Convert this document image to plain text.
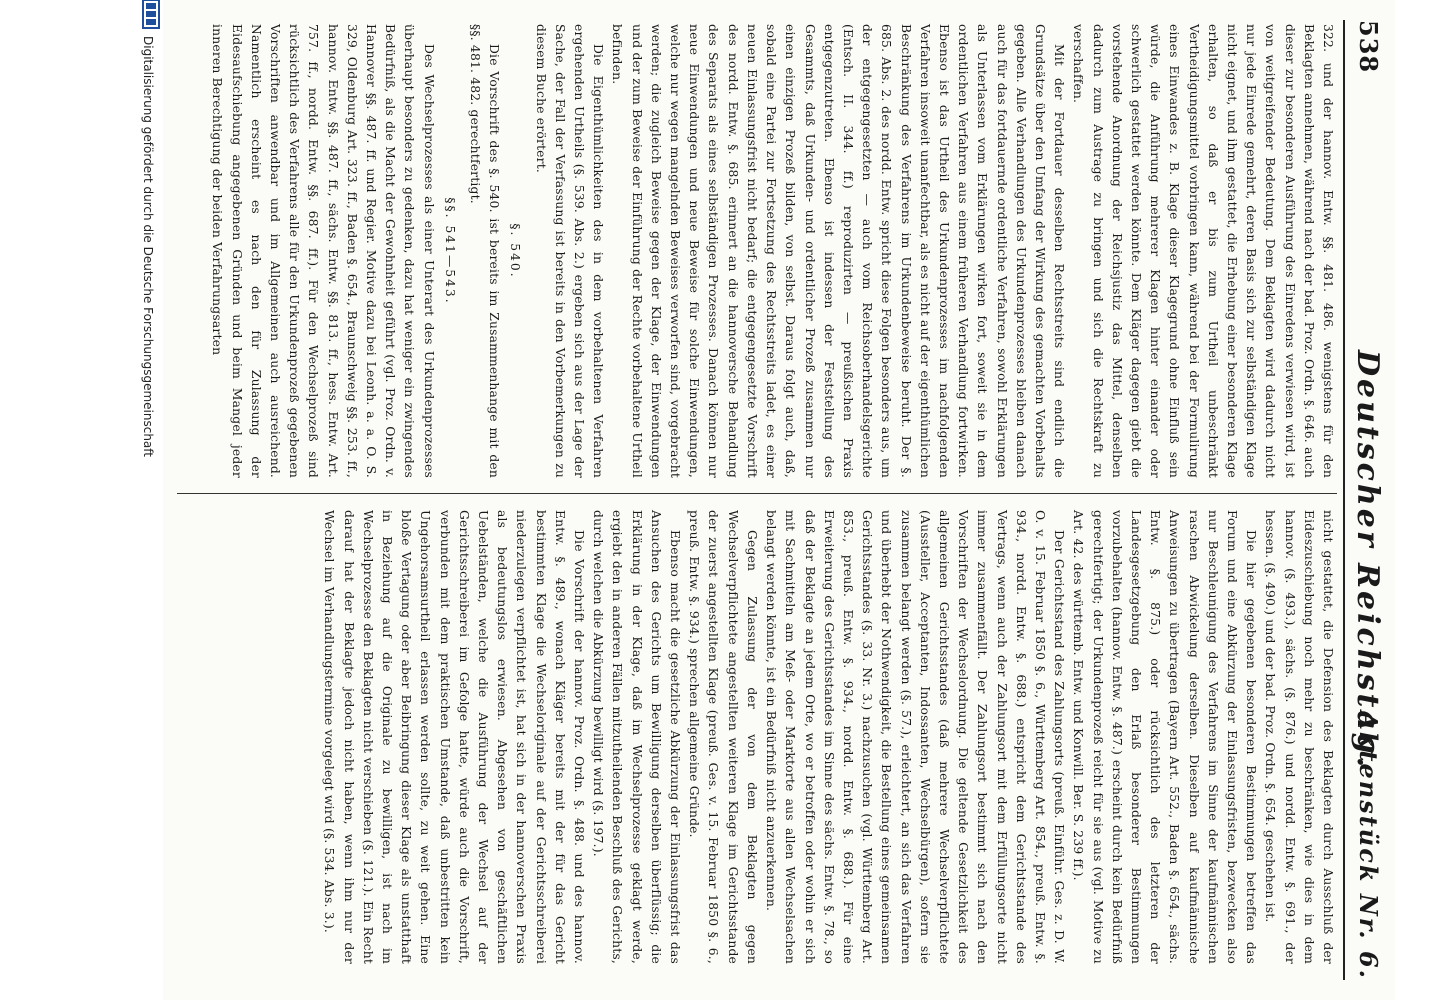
538
Deutscher Reichstag.
Aktenstück Nr. 6.

322. und der hannov. Entw. §§. 481. 486. wenigstens für den Beklagten annehmen, während nach der bad. Proz. Ordn. §. 646. auch dieser zur besonderen Ausführung des Einredens verwiesen wird, ist von weitgreifender Bedeutung. Dem Beklagten wird dadurch nicht nur jede Einrede gemehrt, deren Basis sich zur selbständigen Klage nicht eignet, und ihm gestattet, die Erhebung einer besonderen Klage erhalten, so daß er bis zum Urtheil unbeschränkt Vertheidigungsmittel vorbringen kann, während bei der Formulirung eines Einwandes z. B. Klage dieser Klagegrund ohne Einfluß sein würde, die Anführung mehrerer Klagen hinter einander oder schwerlich gestattet werden könnte. Dem Kläger dagegen giebt die vorstehende Anordnung der Reichsjustiz das Mittel, denselben dadurch zum Austrage zu bringen und sich die Rechtskraft zu verschaffen.

Mit der Fortdauer desselben Rechtsstreits sind endlich die Grundsätze über den Umfang der Wirkung des gemachten Vorbehalts gegeben. Alle Verhandlungen des Urkundenprozesses bleiben danach auch für das fortdauernde ordentliche Verfahren, sowohl Erklärungen als Unterlassen vom Erklärungen wirken fort, soweit sie in dem ordentlichen Verfahren aus einem früheren Verhandlung fortwirken. Ebenso ist das Urtheil des Urkundenprozesses im nachfolgenden Verfahren insoweit unanfechtbar, als es nicht auf der eigenthümlichen Beschränkung des Verfahrens im Urkundenbeweise beruht. Der §. 685. Abs. 2. des nordd. Entw. spricht diese Folgen besonders aus, um der entgegengesetzten — auch vom Reichsoberhandelsgerichte (Entsch. II. 344. ff.) reproduzirten — preußischen Praxis entgegenzutreten. Ebenso ist indessen der Feststellung des Gesammts, daß Urkunden- und ordentlicher Prozeß zusammen nur einen einzigen Prozeß bilden, von selbst. Daraus folgt auch, daß, sobald eine Partei zur Fortsetzung des Rechtsstreits ladet, es einer neuen Einlassungsfrist nicht bedarf; die entgegengesetzte Vorschrift des nordd. Entw. §. 685. erinnert an die hannoversche Behandlung des Separats als eines selbständigen Prozesses. Danach können nur neue Einwendungen und neue Beweise für solche Einwendungen, welche nur wegen mangelnden Beweises verworfen sind, vorgebracht werden; die zugleich Beweise gegen der Klage, der Einwendungen und der zum Beweise der Einführung der Rechte vorbehaltene Urtheil befinden.

Die Eigenthümlichkeiten des in dem vorbehaltenen Verfahren ergehenden Urtheils (§. 539. Abs. 2.) ergeben sich aus der Lage der Sache, der Fall der Verfassung ist bereits in den Vorbemerkungen zu diesem Buche erörtert.

§. 540.

Die Vorschrift des §. 540. ist bereits im Zusammenhange mit den §§. 481. 482. gerechtfertigt.

§§. 541—543.

Des Wechselprozesses als einer Unterart des Urkundenprozesses überhaupt besonders zu gedenken, dazu hat weniger ein zwingendes Bedürfniß, als die Macht der Gewohnheit geführt (vgl. Proz. Ordn. v. Hannover §§. 487. ff. und Regier. Motive dazu bei Leonh. a. a. O. S. 329, Oldenburg Art. 323. ff., Baden §. 654., Braunschweig §§. 253. ff., hannov. Entw. §§. 487. ff., sächs. Entw. §§. 813. ff., hess. Entw. Art. 757. ff., nordd. Entw. §§. 687. ff.). Für den Wechselprozeß sind rücksichtlich des Verfahrens alle für den Urkundenprozeß gegebenen Vorschriften anwendbar und im Allgemeinen auch ausreichend. Namentlich erscheint es nach den für Zulassung der Eidesaufschiebung angegebenen Gründen und beim Mangel jeder inneren Berechtigung der beiden Verfahrungsarten

nicht gestattet, die Defension des Beklagten durch Ausschluß der Eideszuschiebung noch mehr zu beschränken, wie dies in dem hannov. (§. 493.), sächs. (§. 876.) und nordd. Entw. §. 691., der hessen. (§. 490.) und der bad. Proz. Ordn. §. 654. geschehen ist.

Die hier gegebenen besonderen Bestimmungen betreffen das Forum und eine Abkürzung der Einlassungsfristen, bezwecken also nur Beschleunigung des Verfahrens im Sinne der kaufmännischen raschen Abwickelung derselben. Dieselben auf kaufmännische Anweisungen zu übertragen (Bayern Art. 552., Baden §. 654., sächs. Entw. §. 875.) oder rücksichtlich des letzteren der Landesgesetzgebung den Erlaß besonderer Bestimmungen vorzubehalten (hannov. Entw. §. 487.) erscheint durch kein Bedürfniß gerechtfertigt; der Urkundenprozeß reicht für sie aus (vgl. Motive zu Art. 42. des württemb. Entw. und Konwill. Ber. S. 239 ff.).

Der Gerichtsstand des Zahlungsorts (preuß. Einführ. Ges. z. D. W. O. v. 15. Februar 1850 §. 6., Württemberg Art. 854., preuß. Entw. §. 934., nordd. Entw. §. 688.) entspricht dem Gerichtsstande des Vertrags, wenn auch der Zahlungsort mit dem Erfüllungsorte nicht immer zusammenfällt. Der Zahlungsort bestimmt sich nach den Vorschriften der Wechselordnung. Die geltende Gesetzlichkeit des allgemeinen Gerichtsstandes (daß mehrere Wechselverpflichtete (Aussteller, Acceptanten, Indossanten, Wechselbürgen), sofern sie zusammen belangt werden (§. 57.), erleichtert, an sich das Verfahren und überhebt der Nothwendigkeit, die Bestellung eines gemeinsamen Gerichtsstandes (§. 33. Nr. 3.) nachzusuchen (vgl. Württemberg Art. 853., preuß. Entw. §. 934., nordd. Entw. §. 688.). Für eine Erweiterung des Gerichtsstandes im Sinne des sächs. Entw. §. 78., so daß der Beklagte an jedem Orte, wo er betroffen oder wohin er sich mit Sachmitteln am Meß- oder Marktorte aus allen Wechselsachen belangt werden könnte, ist ein Bedürfniß nicht anzuerkennen.

Gegen Zulassung der von dem Beklagten gegen Wechselverpflichtete angestellten weiteren Klage im Gerichtsstande der zuerst angestellten Klage (preuß. Ges. v. 15. Februar 1850 §. 6., preuß. Entw. §. 934.) sprechen allgemeine Gründe.

Ebenso macht die gesetzliche Abkürzung der Einlassungsfrist das Ansuchen des Gerichts um Bewilligung derselben überflüssig; die Erklärung in der Klage, daß im Wechselprozesse geklagt werde, ergiebt den in anderen Fällen mitzutheilenden Beschluß des Gerichts, durch welchen die Abkürzung bewilligt wird (§. 197.).

Die Vorschrift der hannov. Proz. Ordn. §. 488. und des hannov. Entw. §. 489., wonach Kläger bereits mit der für das Gericht bestimmten Klage die Wechseloriginale auf der Gerichtsschreiberei niederzulegen verpflichtet ist, hat sich in der hannoverschen Praxis als bedeutungslos erwiesen. Abgesehen von geschäftlichen Uebelständen, welche die Ausführung der Wechsel auf der Gerichtsschreiberei im Gefolge hatte, würde auch die Vorschrift, verbunden mit dem praktischen Umstande, daß unbestritten kein Ungehorsamsurtheil erlassen werden sollte, zu weit gehen. Eine bloße Vertagung oder aber Beibringung dieser Klage als unstatthaft in Beziehung auf die Originale zu bewilligen, ist nach im Wechselprozesse den Beklagten nicht verschieben (§. 121.). Ein Recht darauf hat der Beklagte jedoch nicht haben, wenn ihm nur der Wechsel im Verhandlungstermine vorgelegt wird (§. 534. Abs. 3.).

Digitalisierung gefördert durch die Deutsche Forschungsgemeinschaft
